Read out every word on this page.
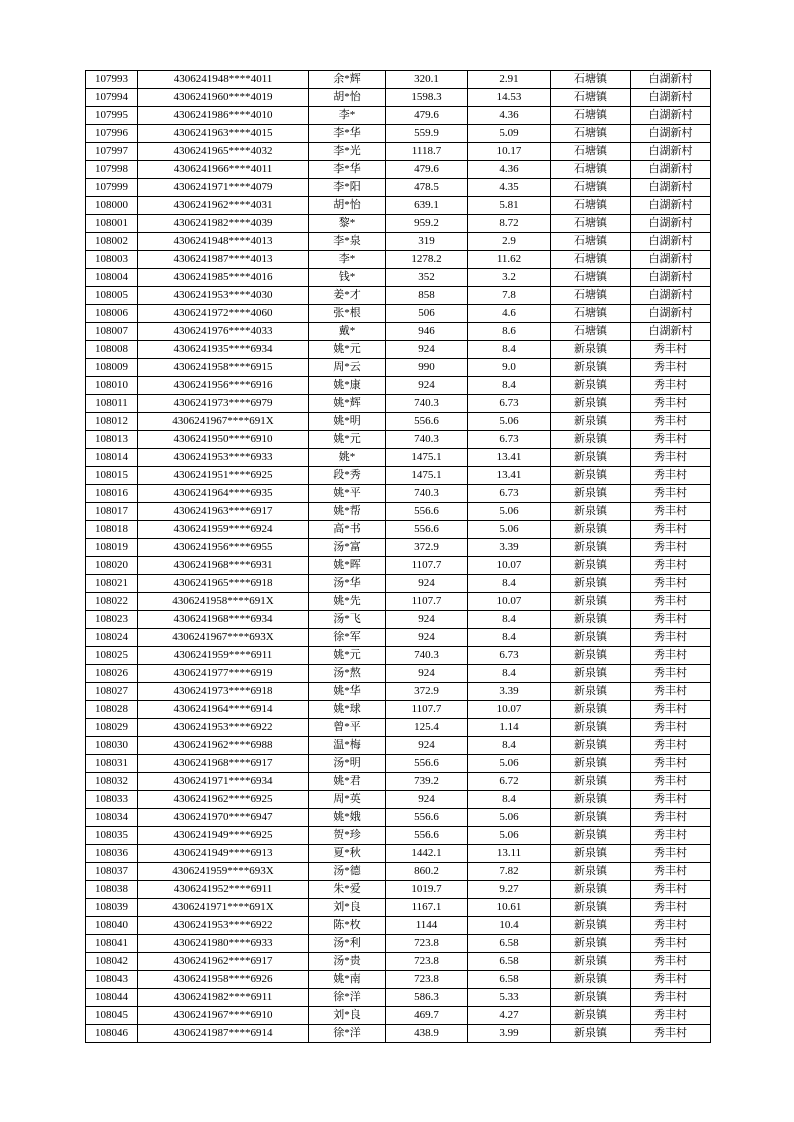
107993	4306241948****4011	余*辉	320.1	2.91	石塘镇	白湖新村
107994	4306241960****4019	胡*怡	1598.3	14.53	石塘镇	白湖新村
107995	4306241986****4010	李*	479.6	4.36	石塘镇	白湖新村
107996	4306241963****4015	李*华	559.9	5.09	石塘镇	白湖新村
107997	4306241965****4032	李*光	1118.7	10.17	石塘镇	白湖新村
107998	4306241966****4011	李*华	479.6	4.36	石塘镇	白湖新村
107999	4306241971****4079	李*阳	478.5	4.35	石塘镇	白湖新村
108000	4306241962****4031	胡*怡	639.1	5.81	石塘镇	白湖新村
108001	4306241982****4039	黎*	959.2	8.72	石塘镇	白湖新村
108002	4306241948****4013	李*泉	319	2.9	石塘镇	白湖新村
108003	4306241987****4013	李*	1278.2	11.62	石塘镇	白湖新村
108004	4306241985****4016	钱*	352	3.2	石塘镇	白湖新村
108005	4306241953****4030	姜*才	858	7.8	石塘镇	白湖新村
108006	4306241972****4060	张*根	506	4.6	石塘镇	白湖新村
108007	4306241976****4033	戴*	946	8.6	石塘镇	白湖新村
108008	4306241935****6934	姚*元	924	8.4	新泉镇	秀丰村
108009	4306241958****6915	周*云	990	9.0	新泉镇	秀丰村
108010	4306241956****6916	姚*康	924	8.4	新泉镇	秀丰村
108011	4306241973****6979	姚*辉	740.3	6.73	新泉镇	秀丰村
108012	4306241967****691X	姚*明	556.6	5.06	新泉镇	秀丰村
108013	4306241950****6910	姚*元	740.3	6.73	新泉镇	秀丰村
108014	4306241953****6933	姚*	1475.1	13.41	新泉镇	秀丰村
108015	4306241951****6925	段*秀	1475.1	13.41	新泉镇	秀丰村
108016	4306241964****6935	姚*平	740.3	6.73	新泉镇	秀丰村
108017	4306241963****6917	姚*帮	556.6	5.06	新泉镇	秀丰村
108018	4306241959****6924	高*书	556.6	5.06	新泉镇	秀丰村
108019	4306241956****6955	汤*富	372.9	3.39	新泉镇	秀丰村
108020	4306241968****6931	姚*晖	1107.7	10.07	新泉镇	秀丰村
108021	4306241965****6918	汤*华	924	8.4	新泉镇	秀丰村
108022	4306241958****691X	姚*先	1107.7	10.07	新泉镇	秀丰村
108023	4306241968****6934	汤*飞	924	8.4	新泉镇	秀丰村
108024	4306241967****693X	徐*军	924	8.4	新泉镇	秀丰村
108025	4306241959****6911	姚*元	740.3	6.73	新泉镇	秀丰村
108026	4306241977****6919	汤*熬	924	8.4	新泉镇	秀丰村
108027	4306241973****6918	姚*华	372.9	3.39	新泉镇	秀丰村
108028	4306241964****6914	姚*球	1107.7	10.07	新泉镇	秀丰村
108029	4306241953****6922	曾*平	125.4	1.14	新泉镇	秀丰村
108030	4306241962****6988	温*梅	924	8.4	新泉镇	秀丰村
108031	4306241968****6917	汤*明	556.6	5.06	新泉镇	秀丰村
108032	4306241971****6934	姚*君	739.2	6.72	新泉镇	秀丰村
108033	4306241962****6925	周*英	924	8.4	新泉镇	秀丰村
108034	4306241970****6947	姚*娥	556.6	5.06	新泉镇	秀丰村
108035	4306241949****6925	贺*珍	556.6	5.06	新泉镇	秀丰村
108036	4306241949****6913	夏*秋	1442.1	13.11	新泉镇	秀丰村
108037	4306241959****693X	汤*德	860.2	7.82	新泉镇	秀丰村
108038	4306241952****6911	朱*爱	1019.7	9.27	新泉镇	秀丰村
108039	4306241971****691X	刘*良	1167.1	10.61	新泉镇	秀丰村
108040	4306241953****6922	陈*枚	1144	10.4	新泉镇	秀丰村
108041	4306241980****6933	汤*利	723.8	6.58	新泉镇	秀丰村
108042	4306241962****6917	汤*贵	723.8	6.58	新泉镇	秀丰村
108043	4306241958****6926	姚*南	723.8	6.58	新泉镇	秀丰村
108044	4306241982****6911	徐*洋	586.3	5.33	新泉镇	秀丰村
108045	4306241967****6910	刘*良	469.7	4.27	新泉镇	秀丰村
108046	4306241987****6914	徐*洋	438.9	3.99	新泉镇	秀丰村
